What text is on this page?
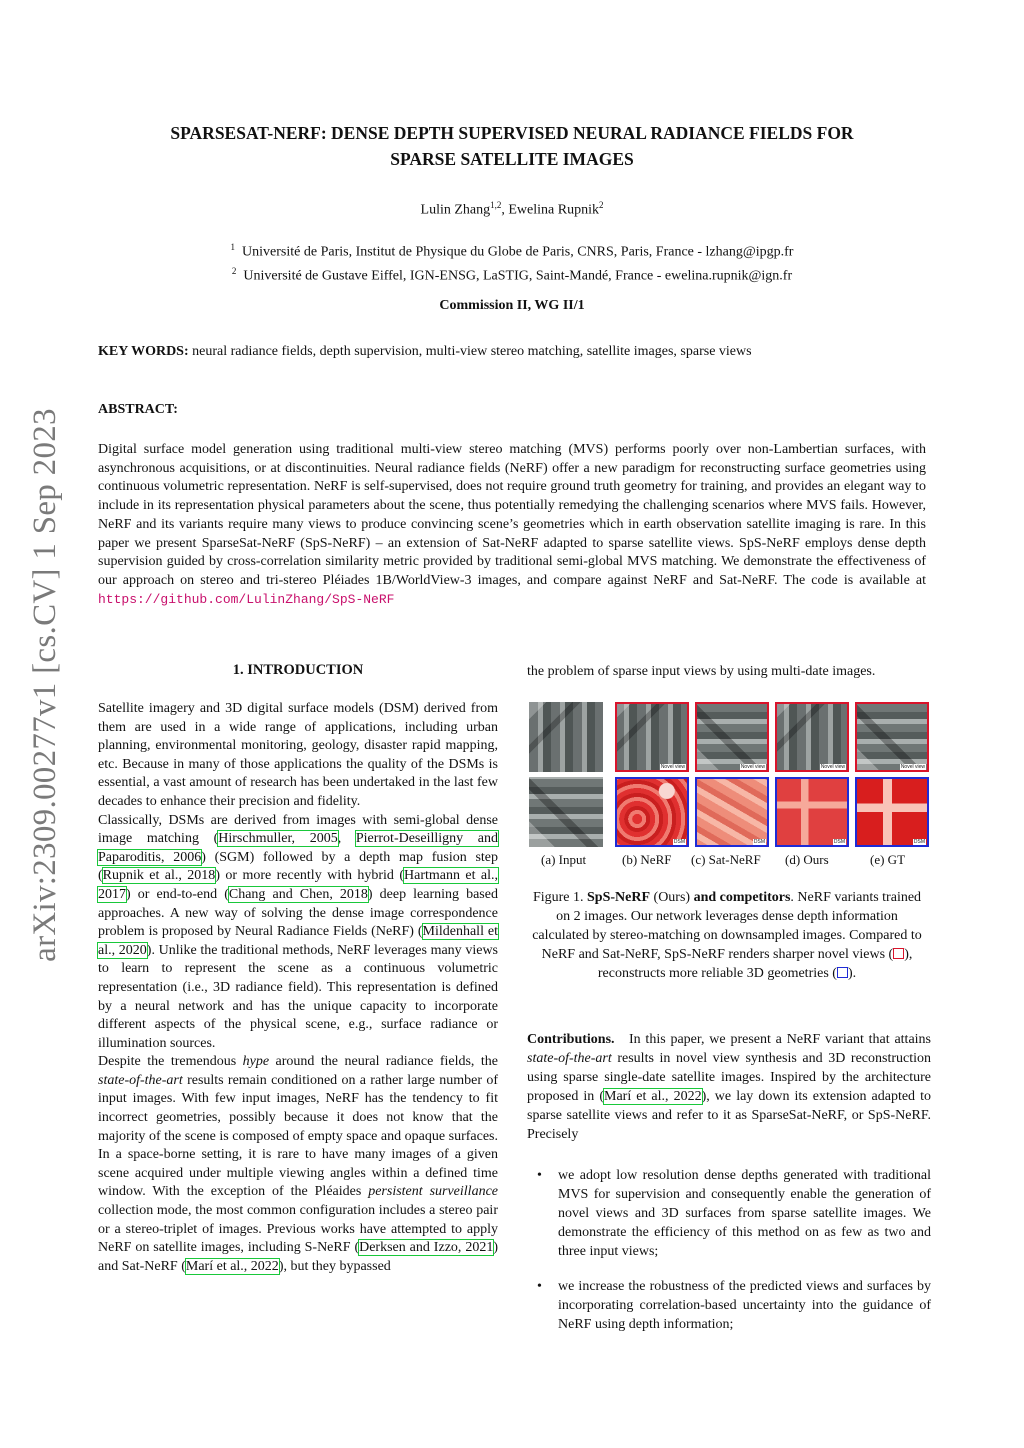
SPARSESAT-NERF: DENSE DEPTH SUPERVISED NEURAL RADIANCE FIELDS FOR
SPARSE SATELLITE IMAGES
Lulin Zhang$^{1,2}$, Ewelina Rupnik$^2$
$^1$ Université de Paris, Institut de Physique du Globe de Paris, CNRS, Paris, France - lzhang@ipgp.fr
$^2$ Université de Gustave Eiffel, IGN-ENSG, LaSTIG, Saint-Mandé, France - ewelina.rupnik@ign.fr
Commission II, WG II/1
KEY WORDS: neural radiance fields, depth supervision, multi-view stereo matching, satellite images, sparse views
ABSTRACT:
Digital surface model generation using traditional multi-view stereo matching (MVS) performs poorly over non-Lambertian surfaces, with asynchronous acquisitions, or at discontinuities. Neural radiance fields (NeRF) offer a new paradigm for reconstructing surface geometries using continuous volumetric representation. NeRF is self-supervised, does not require ground truth geometry for training, and provides an elegant way to include in its representation physical parameters about the scene, thus potentially remedying the challenging scenarios where MVS fails. However, NeRF and its variants require many views to produce convincing scene’s geometries which in earth observation satellite imaging is rare. In this paper we present SparseSat-NeRF (SpS-NeRF) – an extension of Sat-NeRF adapted to sparse satellite views. SpS-NeRF employs dense depth supervision guided by cross-correlation similarity metric provided by traditional semi-global MVS matching. We demonstrate the effectiveness of our approach on stereo and tri-stereo Pléiades 1B/WorldView-3 images, and compare against NeRF and Sat-NeRF. The code is available at https://github.com/LulinZhang/SpS-NeRF
arXiv:2309.00277v1 [cs.CV] 1 Sep 2023	1. INTRODUCTION

Satellite imagery and 3D digital surface models (DSM) derived from them are used in a wide range of applications, including urban planning, environmental monitoring, geology, disaster rapid mapping, etc. Because in many of those applications the quality of the DSMs is essential, a vast amount of research has been undertaked in the last few decades to enhance their precision and fidelity.

Classically, DSMs are derived from images with semi-global dense image matching (Hirschmuller, 2005, Pierrot-Deseilligny and Paparoditis, 2006) (SGM) followed by a depth map fusion step (Rupnik et al., 2018) or more recently with hybrid (Hartmann et al., 2017) or end-to-end (Chang and Chen, 2018) deep learning based approaches. A new way of solving the dense image correspondence problem is proposed by Neural Radiance Fields (NeRF) (Mildenhall et al., 2020). Unlike the traditional methods, NeRF leverages many views to learn to represent the scene as a continuous volumetric representation (i.e., 3D radiance field). This representation is defined by a neural network and has the unique capacity to incorporate different aspects of the physical scene, e.g., surface radiance or illumination sources.

Despite the tremendous hype around the neural radiance fields, the state-of-the-art results remain conditioned on a rather large number of input images. With few input images, NeRF has the tendency to fit incorrect geometries, possibly because it does not know that the majority of the scene is composed of empty space and opaque surfaces. In a space-borne setting, it is rare to have many images of a given scene acquired under multiple viewing angles within a defined time window. With the exception of the Pléaides persistent surveillance collection mode, the most common configuration includes a stereo pair or a stereo-triplet of images. Previous works have attempted to apply NeRF on satellite images, including S-NeRF (Derksen and Izzo, 2021) and Sat-NeRF (Marí et al., 2022), but they bypassed

the problem of sparse input views by using multi-date images.
Novel view
DSM
Novel view
DSM
Novel view
DSM
Novel view
DSM
(a) Input	(b) NeRF (c) Sat-NeRF (d) Ours	(e) GT
Figure 1. SpS-NeRF (Ours) and competitors. NeRF variants trained on 2 images. Our network leverages dense depth information calculated by stereo-matching on downsampled images. Compared to NeRF and Sat-NeRF, SpS-NeRF renders sharper novel views ( ), reconstructs more reliable 3D geometries ( ).
Contributions.   In this paper, we present a NeRF variant that attains state-of-the-art results in novel view synthesis and 3D reconstruction using sparse single-date satellite images. Inspired by the architecture proposed in (Marí et al., 2022), we lay down its extension adapted to sparse satellite views and refer to it as SparseSat-NeRF, or SpS-NeRF. Precisely
• we adopt low resolution dense depths generated with traditional MVS for supervision and consequently enable the generation of novel views and 3D surfaces from sparse satellite images. We demonstrate the efficiency of this method on as few as two and three input views;
• we increase the robustness of the predicted views and surfaces by incorporating correlation-based uncertainty into the guidance of NeRF using depth information;
